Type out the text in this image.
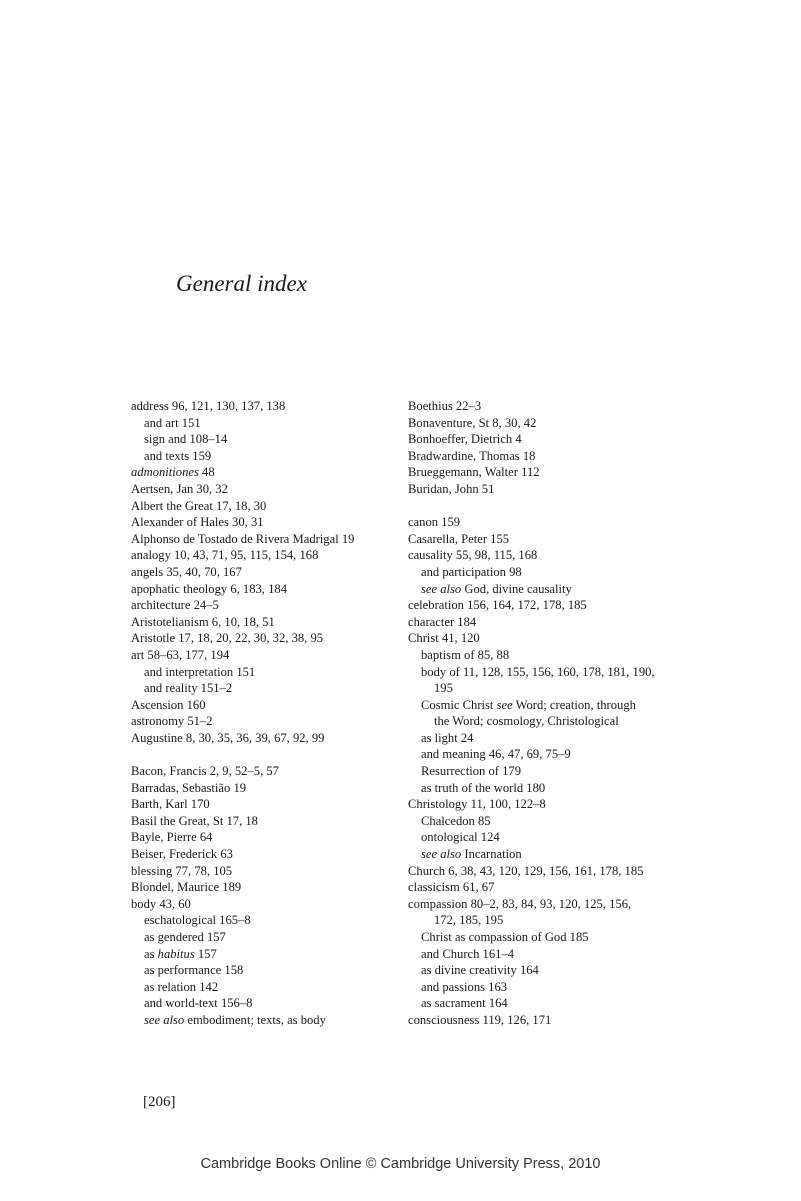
General index
address 96, 121, 130, 137, 138
and art 151
sign and 108–14
and texts 159
admonitiones 48
Aertsen, Jan 30, 32
Albert the Great 17, 18, 30
Alexander of Hales 30, 31
Alphonso de Tostado de Rivera Madrigal 19
analogy 10, 43, 71, 95, 115, 154, 168
angels 35, 40, 70, 167
apophatic theology 6, 183, 184
architecture 24–5
Aristotelianism 6, 10, 18, 51
Aristotle 17, 18, 20, 22, 30, 32, 38, 95
art 58–63, 177, 194
and interpretation 151
and reality 151–2
Ascension 160
astronomy 51–2
Augustine 8, 30, 35, 36, 39, 67, 92, 99
Bacon, Francis 2, 9, 52–5, 57
Barradas, Sebastião 19
Barth, Karl 170
Basil the Great, St 17, 18
Bayle, Pierre 64
Beiser, Frederick 63
blessing 77, 78, 105
Blondel, Maurice 189
body 43, 60
eschatological 165–8
as gendered 157
as habitus 157
as performance 158
as relation 142
and world-text 156–8
see also embodiment; texts, as body
Boethius 22–3
Bonaventure, St 8, 30, 42
Bonhoeffer, Dietrich 4
Bradwardine, Thomas 18
Brueggemann, Walter 112
Buridan, John 51
canon 159
Casarella, Peter 155
causality 55, 98, 115, 168
and participation 98
see also God, divine causality
celebration 156, 164, 172, 178, 185
character 184
Christ 41, 120
baptism of 85, 88
body of 11, 128, 155, 156, 160, 178, 181, 190,
195
Cosmic Christ see Word; creation, through
the Word; cosmology, Christological
as light 24
and meaning 46, 47, 69, 75–9
Resurrection of 179
as truth of the world 180
Christology 11, 100, 122–8
Chalcedon 85
ontological 124
see also Incarnation
Church 6, 38, 43, 120, 129, 156, 161, 178, 185
classicism 61, 67
compassion 80–2, 83, 84, 93, 120, 125, 156,
172, 185, 195
Christ as compassion of God 185
and Church 161–4
as divine creativity 164
and passions 163
as sacrament 164
consciousness 119, 126, 171
[206]
Cambridge Books Online © Cambridge University Press, 2010
